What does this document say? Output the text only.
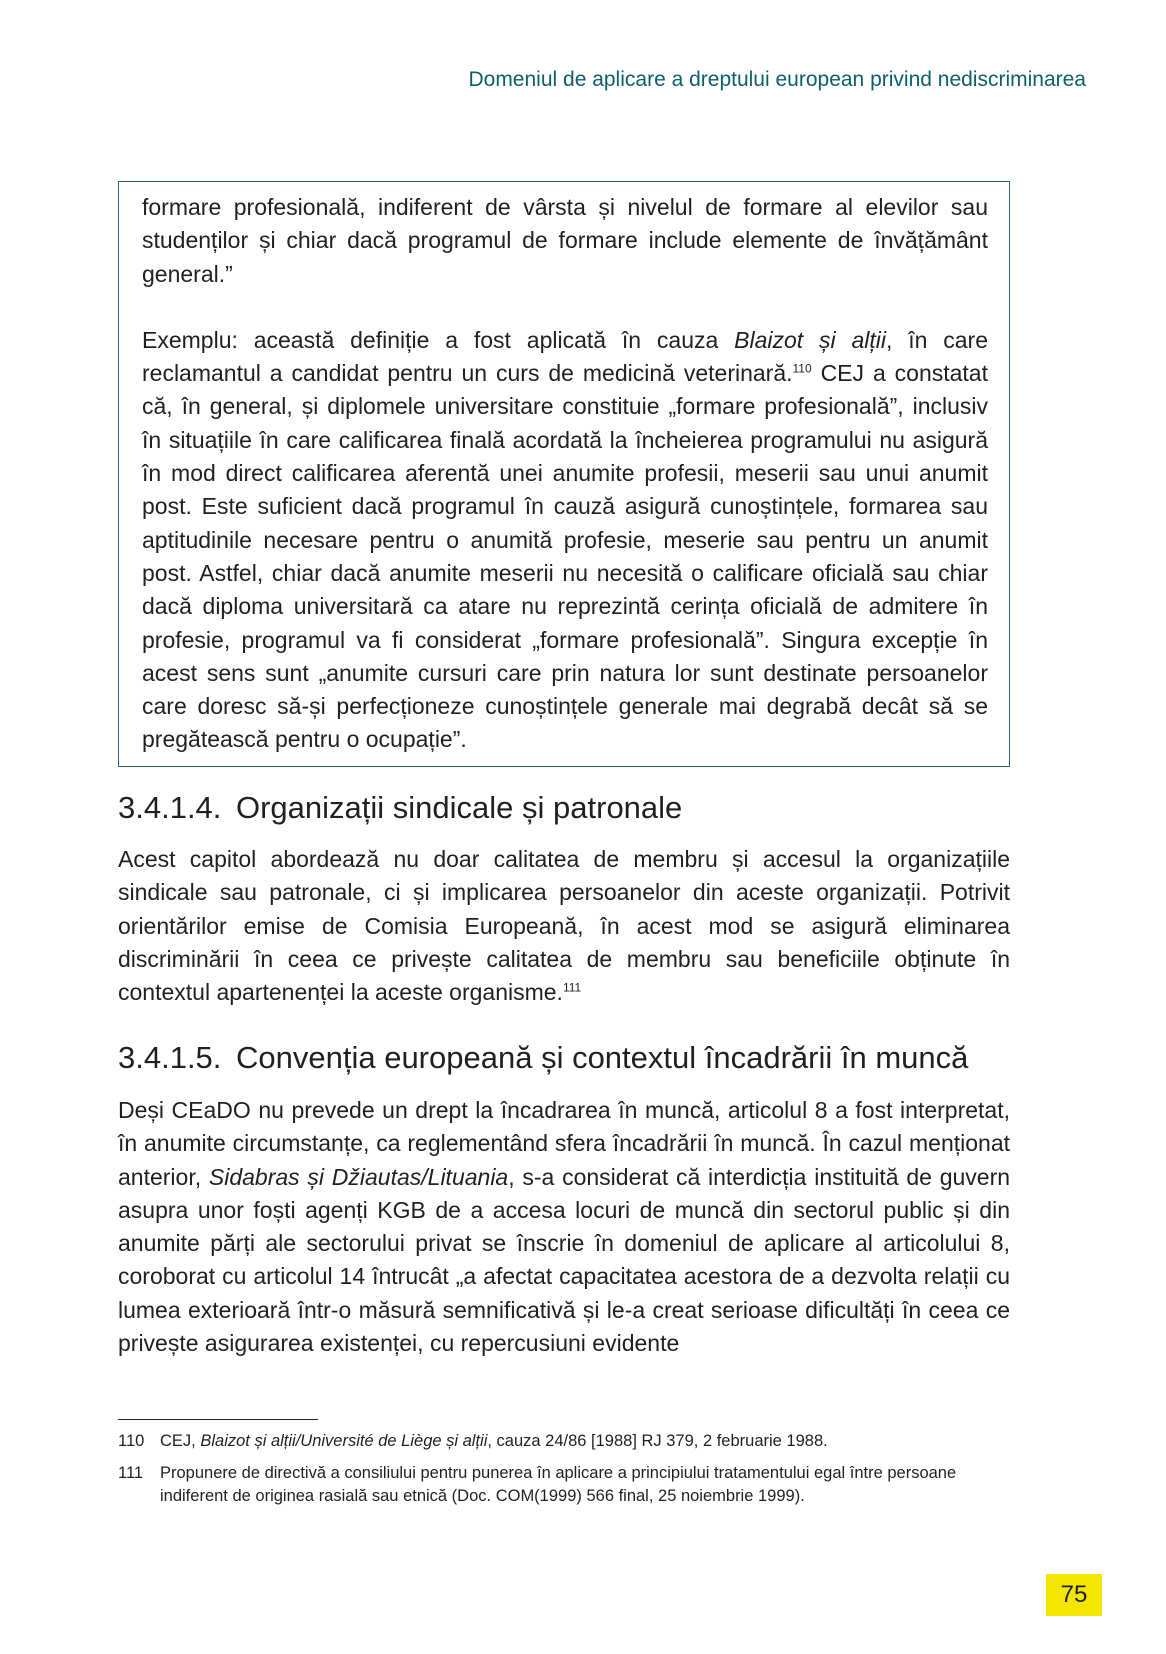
Domeniul de aplicare a dreptului european privind nediscriminarea

formare profesională, indiferent de vârsta și nivelul de formare al elevilor sau studenților și chiar dacă programul de formare include elemente de învățământ general.”

Exemplu: această definiție a fost aplicată în cauza Blaizot și alții, în care reclamantul a candidat pentru un curs de medicină veterinară.$^{110}$ CEJ a constatat că, în general, și diplomele universitare constituie „formare profesională”, inclusiv în situațiile în care calificarea finală acordată la încheierea programului nu asigură în mod direct calificarea aferentă unei anumite profesii, meserii sau unui anumit post. Este suficient dacă programul în cauză asigură cunoștințele, formarea sau aptitudinile necesare pentru o anumită profesie, meserie sau pentru un anumit post. Astfel, chiar dacă anumite meserii nu necesită o calificare oficială sau chiar dacă diploma universitară ca atare nu reprezintă cerința oficială de admitere în profesie, programul va fi considerat „formare profesională”. Singura excepție în acest sens sunt „anumite cursuri care prin natura lor sunt destinate persoanelor care doresc să-și perfecționeze cunoștințele generale mai degrabă decât să se pregătească pentru o ocupație”.

3.4.1.4. Organizații sindicale și patronale

Acest capitol abordează nu doar calitatea de membru și accesul la organizațiile sindicale sau patronale, ci și implicarea persoanelor din aceste organizații. Potrivit orientărilor emise de Comisia Europeană, în acest mod se asigură eliminarea discriminării în ceea ce privește calitatea de membru sau beneficiile obținute în contextul apartenenței la aceste organisme.$^{111}$

3.4.1.5. Convenția europeană și contextul încadrării în muncă

Deși CEaDO nu prevede un drept la încadrarea în muncă, articolul 8 a fost interpretat, în anumite circumstanțe, ca reglementând sfera încadrării în muncă. În cazul menționat anterior, Sidabras și Džiautas/Lituania, s-a considerat că interdicția instituită de guvern asupra unor foști agenți KGB de a accesa locuri de muncă din sectorul public și din anumite părți ale sectorului privat se înscrie în domeniul de aplicare al articolului 8, coroborat cu articolul 14 întrucât „a afectat capacitatea acestora de a dezvolta relații cu lumea exterioară într-o măsură semnificativă și le-a creat serioase dificultăți în ceea ce privește asigurarea existenței, cu repercusiuni evidente

110 CEJ, Blaizot și alții/Université de Liège și alții, cauza 24/86 [1988] RJ 379, 2 februarie 1988.
111 Propunere de directivă a consiliului pentru punerea în aplicare a principiului tratamentului egal între persoane indiferent de originea rasială sau etnică (Doc. COM(1999) 566 final, 25 noiembrie 1999).
75
